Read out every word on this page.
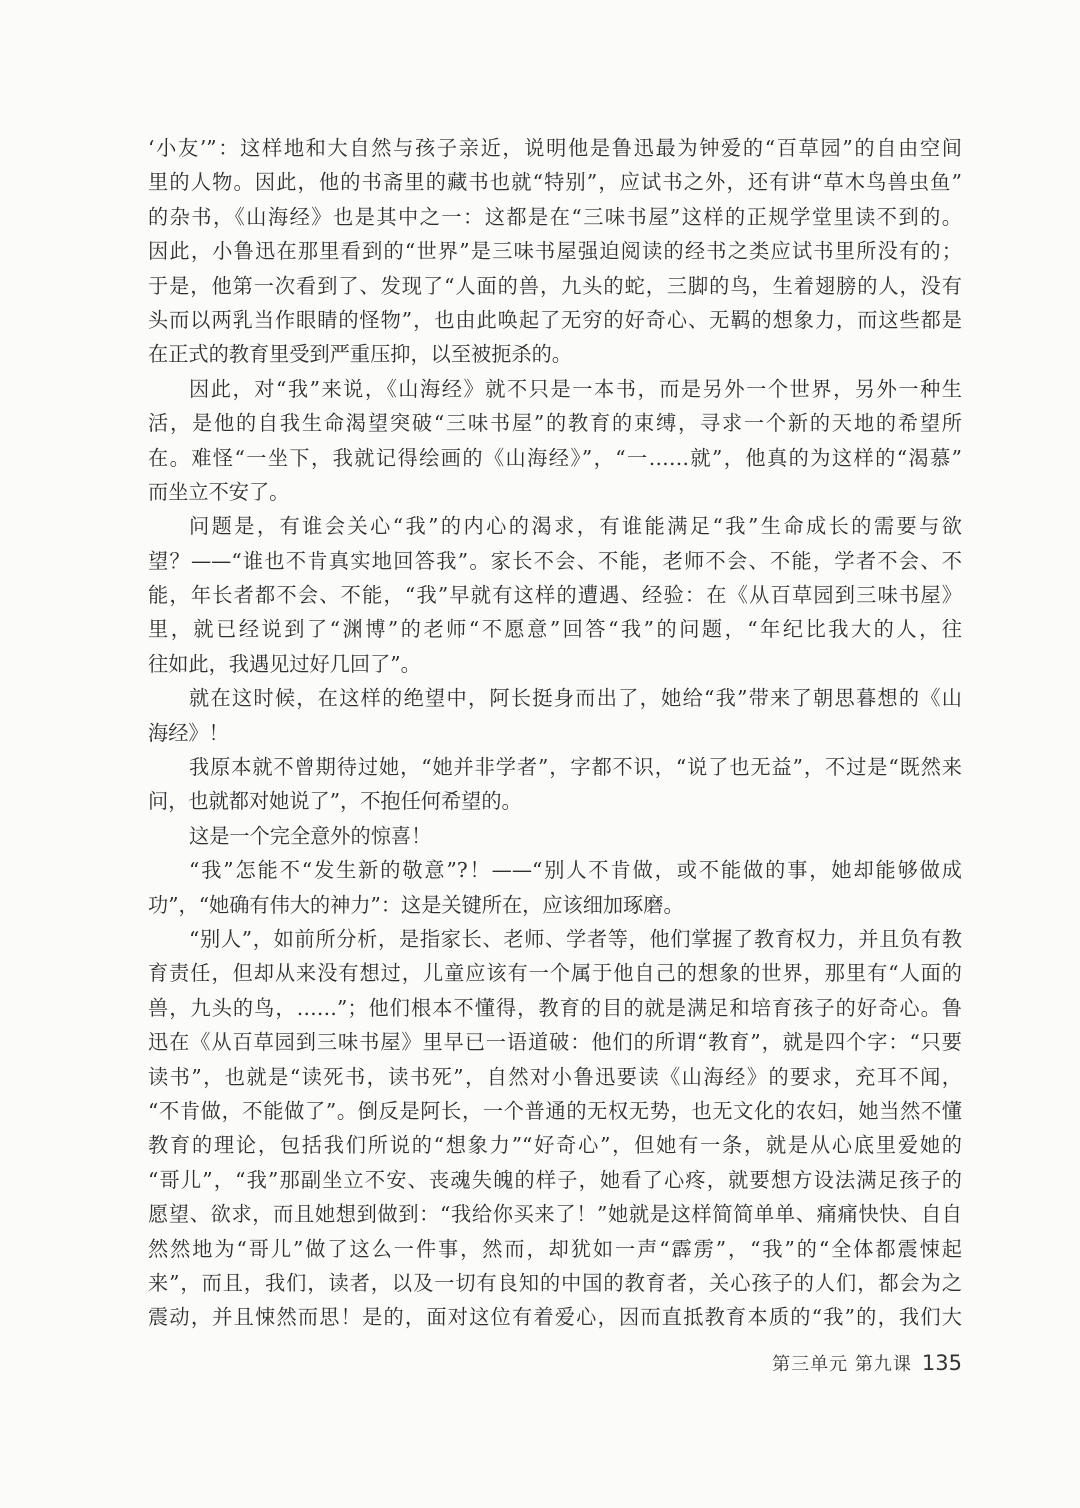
‘小友’”：这样地和大自然与孩子亲近，说明他是鲁迅最为钟爱的“百草园”的自由空间
里的人物。因此，他的书斋里的藏书也就“特别”，应试书之外，还有讲“草木鸟兽虫鱼”
的杂书，《山海经》也是其中之一：这都是在“三味书屋”这样的正规学堂里读不到的。
因此，小鲁迅在那里看到的“世界”是三味书屋强迫阅读的经书之类应试书里所没有的；
于是，他第一次看到了、发现了“人面的兽，九头的蛇，三脚的鸟，生着翅膀的人，没有
头而以两乳当作眼睛的怪物”，也由此唤起了无穷的好奇心、无羁的想象力，而这些都是
在正式的教育里受到严重压抑，以至被扼杀的。
因此，对“我”来说，《山海经》就不只是一本书，而是另外一个世界，另外一种生
活，是他的自我生命渴望突破“三味书屋”的教育的束缚，寻求一个新的天地的希望所
在。难怪“一坐下，我就记得绘画的《山海经》”，“一……就”，他真的为这样的“渴慕”
而坐立不安了。
问题是，有谁会关心“我”的内心的渴求，有谁能满足“我”生命成长的需要与欲
望？——“谁也不肯真实地回答我”。家长不会、不能，老师不会、不能，学者不会、不
能，年长者都不会、不能，“我”早就有这样的遭遇、经验：在《从百草园到三味书屋》
里，就已经说到了“渊博”的老师“不愿意”回答“我”的问题，“年纪比我大的人，往
往如此，我遇见过好几回了”。
就在这时候，在这样的绝望中，阿长挺身而出了，她给“我”带来了朝思暮想的《山
海经》！
我原本就不曾期待过她，“她并非学者”，字都不识，“说了也无益”，不过是“既然来
问，也就都对她说了”，不抱任何希望的。
这是一个完全意外的惊喜！
“我”怎能不“发生新的敬意”?！——“别人不肯做，或不能做的事，她却能够做成
功”，“她确有伟大的神力”：这是关键所在，应该细加琢磨。
“别人”，如前所分析，是指家长、老师、学者等，他们掌握了教育权力，并且负有教
育责任，但却从来没有想过，儿童应该有一个属于他自己的想象的世界，那里有“人面的
兽，九头的鸟，……”；他们根本不懂得，教育的目的就是满足和培育孩子的好奇心。鲁
迅在《从百草园到三味书屋》里早已一语道破：他们的所谓“教育”，就是四个字：“只要
读书”，也就是“读死书，读书死”，自然对小鲁迅要读《山海经》的要求，充耳不闻，
“不肯做，不能做了”。倒反是阿长，一个普通的无权无势，也无文化的农妇，她当然不懂
教育的理论，包括我们所说的“想象力”“好奇心”，但她有一条，就是从心底里爱她的
“哥儿”，“我”那副坐立不安、丧魂失魄的样子，她看了心疼，就要想方设法满足孩子的
愿望、欲求，而且她想到做到：“我给你买来了！”她就是这样简简单单、痛痛快快、自自
然然地为“哥儿”做了这么一件事，然而，却犹如一声“霹雳”，“我”的“全体都震悚起
来”，而且，我们，读者，以及一切有良知的中国的教育者，关心孩子的人们，都会为之
震动，并且悚然而思！是的，面对这位有着爱心，因而直抵教育本质的“我”的，我们大
第三单元 第九课 135
